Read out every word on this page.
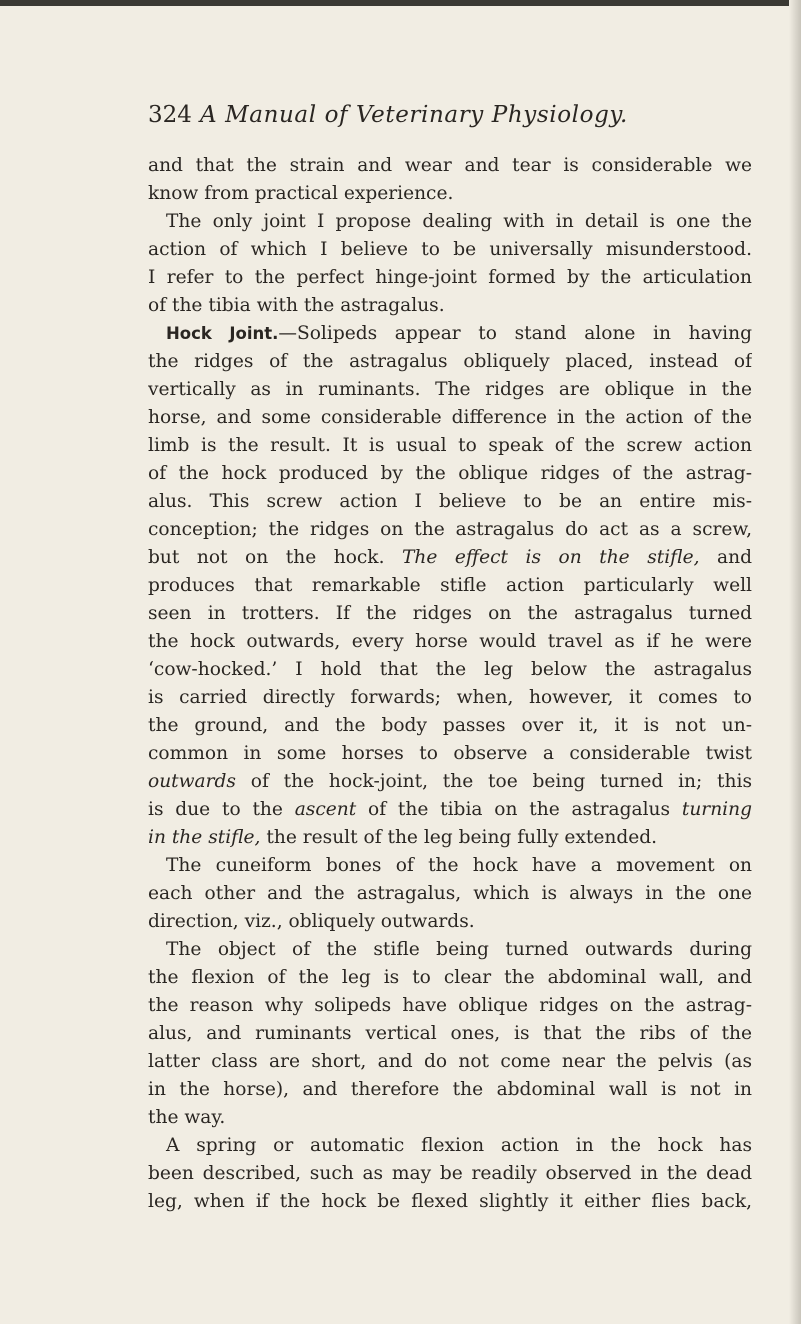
324 A Manual of Veterinary Physiology.
and that the strain and wear and tear is considerable we
know from practical experience.
The only joint I propose dealing with in detail is one the
action of which I believe to be universally misunderstood.
I refer to the perfect hinge-joint formed by the articulation
of the tibia with the astragalus.
Hock Joint.—Solipeds appear to stand alone in having
the ridges of the astragalus obliquely placed, instead of
vertically as in ruminants. The ridges are oblique in the
horse, and some considerable difference in the action of the
limb is the result. It is usual to speak of the screw action
of the hock produced by the oblique ridges of the astrag-
alus. This screw action I believe to be an entire mis-
conception; the ridges on the astragalus do act as a screw,
but not on the hock. The effect is on the stifle, and
produces that remarkable stifle action particularly well
seen in trotters. If the ridges on the astragalus turned
the hock outwards, every horse would travel as if he were
‘cow-hocked.’ I hold that the leg below the astragalus
is carried directly forwards; when, however, it comes to
the ground, and the body passes over it, it is not un-
common in some horses to observe a considerable twist
outwards of the hock-joint, the toe being turned in; this
is due to the ascent of the tibia on the astragalus turning
in the stifle, the result of the leg being fully extended.
The cuneiform bones of the hock have a movement on
each other and the astragalus, which is always in the one
direction, viz., obliquely outwards.
The object of the stifle being turned outwards during
the flexion of the leg is to clear the abdominal wall, and
the reason why solipeds have oblique ridges on the astrag-
alus, and ruminants vertical ones, is that the ribs of the
latter class are short, and do not come near the pelvis (as
in the horse), and therefore the abdominal wall is not in
the way.
A spring or automatic flexion action in the hock has
been described, such as may be readily observed in the dead
leg, when if the hock be flexed slightly it either flies back,
